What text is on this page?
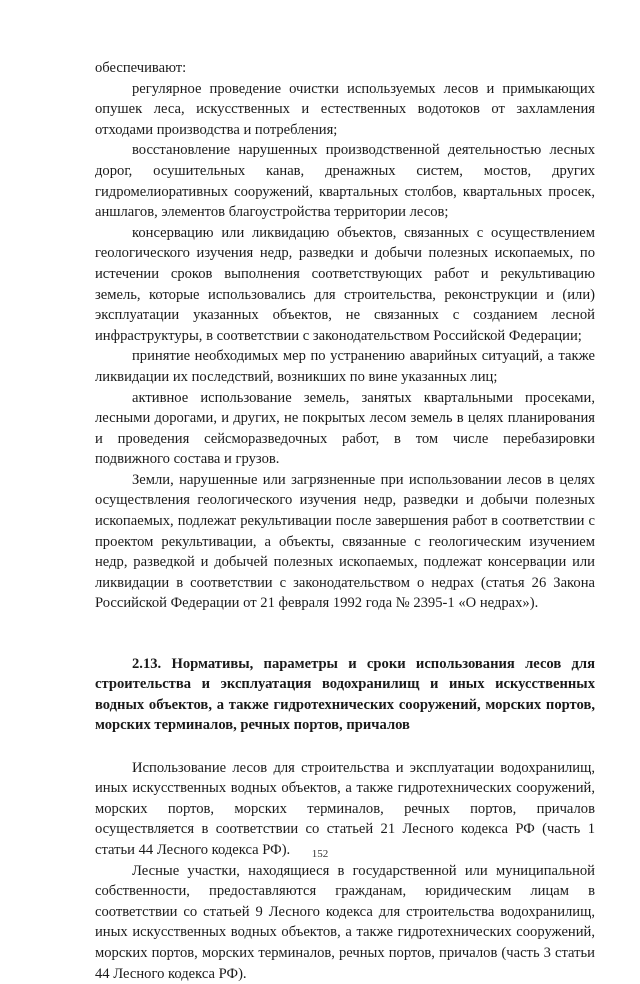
обеспечивают:

регулярное проведение очистки используемых лесов и примыкающих опушек леса, искусственных и естественных водотоков от захламления отходами производства и потребления;

восстановление нарушенных производственной деятельностью лесных дорог, осушительных канав, дренажных систем, мостов, других гидромелиоративных сооружений, квартальных столбов, квартальных просек, аншлагов, элементов благоустройства территории лесов;

консервацию или ликвидацию объектов, связанных с осуществлением геологического изучения недр, разведки и добычи полезных ископаемых, по истечении сроков выполнения соответствующих работ и рекультивацию земель, которые использовались для строительства, реконструкции и (или) эксплуатации указанных объектов, не связанных с созданием лесной инфраструктуры, в соответствии с законодательством Российской Федерации;

принятие необходимых мер по устранению аварийных ситуаций, а также ликвидации их последствий, возникших по вине указанных лиц;

активное использование земель, занятых квартальными просеками, лесными дорогами, и других, не покрытых лесом земель в целях планирования и проведения сейсморазведочных работ, в том числе перебазировки подвижного состава и грузов.

Земли, нарушенные или загрязненные при использовании лесов в целях осуществления геологического изучения недр, разведки и добычи полезных ископаемых, подлежат рекультивации после завершения работ в соответствии с проектом рекультивации, а объекты, связанные с геологическим изучением недр, разведкой и добычей полезных ископаемых, подлежат консервации или ликвидации в соответствии с законодательством о недрах (статья 26 Закона Российской Федерации от 21 февраля 1992 года № 2395-1 «О недрах»).

2.13. Нормативы, параметры и сроки использования лесов для строительства и эксплуатация водохранилищ и иных искусственных водных объектов, а также гидротехнических сооружений, морских портов, морских терминалов, речных портов, причалов

Использование лесов для строительства и эксплуатации водохранилищ, иных искусственных водных объектов, а также гидротехнических сооружений, морских портов, морских терминалов, речных портов, причалов осуществляется в соответствии со статьей 21 Лесного кодекса РФ (часть 1 статьи 44 Лесного кодекса РФ).

Лесные участки, находящиеся в государственной или муниципальной собственности, предоставляются гражданам, юридическим лицам в соответствии со статьей 9 Лесного кодекса для строительства водохранилищ, иных искусственных водных объектов, а также гидротехнических сооружений, морских портов, морских терминалов, речных портов, причалов (часть 3 статьи 44 Лесного кодекса РФ).

152
